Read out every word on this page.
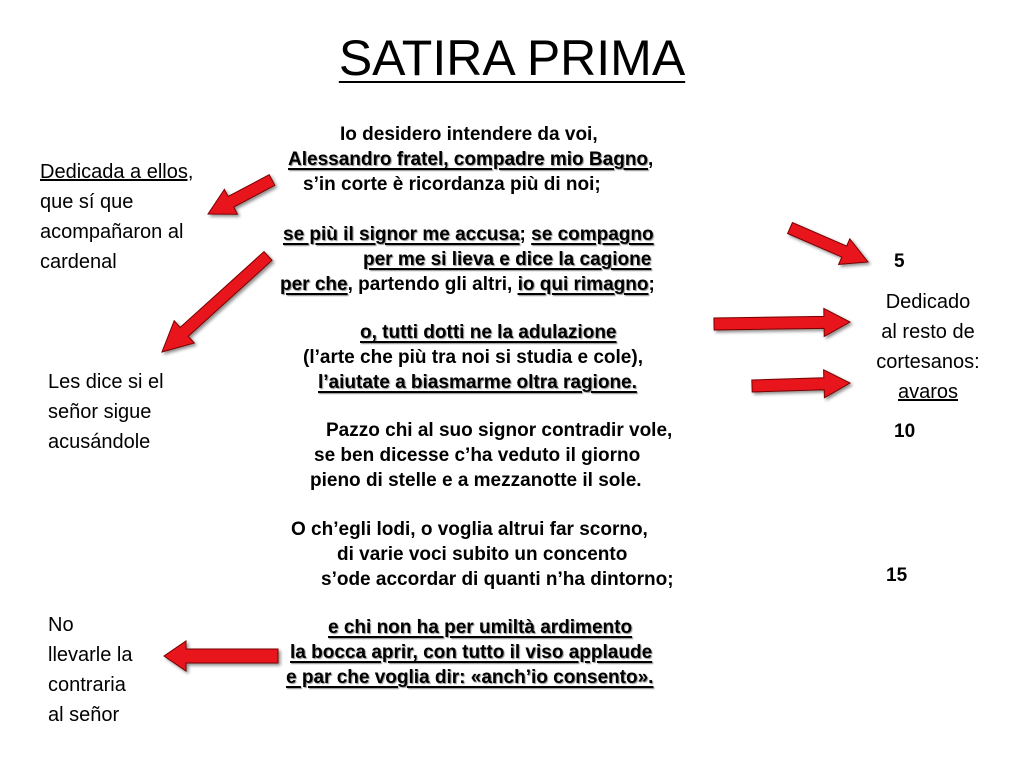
SATIRA PRIMA
Io desidero intendere da voi,
Alessandro fratel, compadre mio Bagno,
s’in corte è ricordanza più di noi;
se più il signor me accusa; se compagno
per me si lieva e dice la cagione
per che, partendo gli altri, io qui rimagno;
o, tutti dotti ne la adulazione
(l’arte che più tra noi si studia e cole),
l’aiutate a biasmarme oltra ragione.
Pazzo chi al suo signor contradir vole,
se ben dicesse c’ha veduto il giorno
pieno di stelle e a mezzanotte il sole.
O ch’egli lodi, o voglia altrui far scorno,
di varie voci subito un concento
s’ode accordar di quanti n’ha dintorno;
e chi non ha per umiltà ardimento
la bocca aprir, con tutto il viso applaude
e par che voglia dir: «anch’io consento».
5
10
15
Dedicada a ellos,
que sí que
acompañaron al
cardenal
Les dice si el
señor sigue
acusándole
No
llevarle la
contraria
al señor
Dedicado
al resto de
cortesanos:
avaros
